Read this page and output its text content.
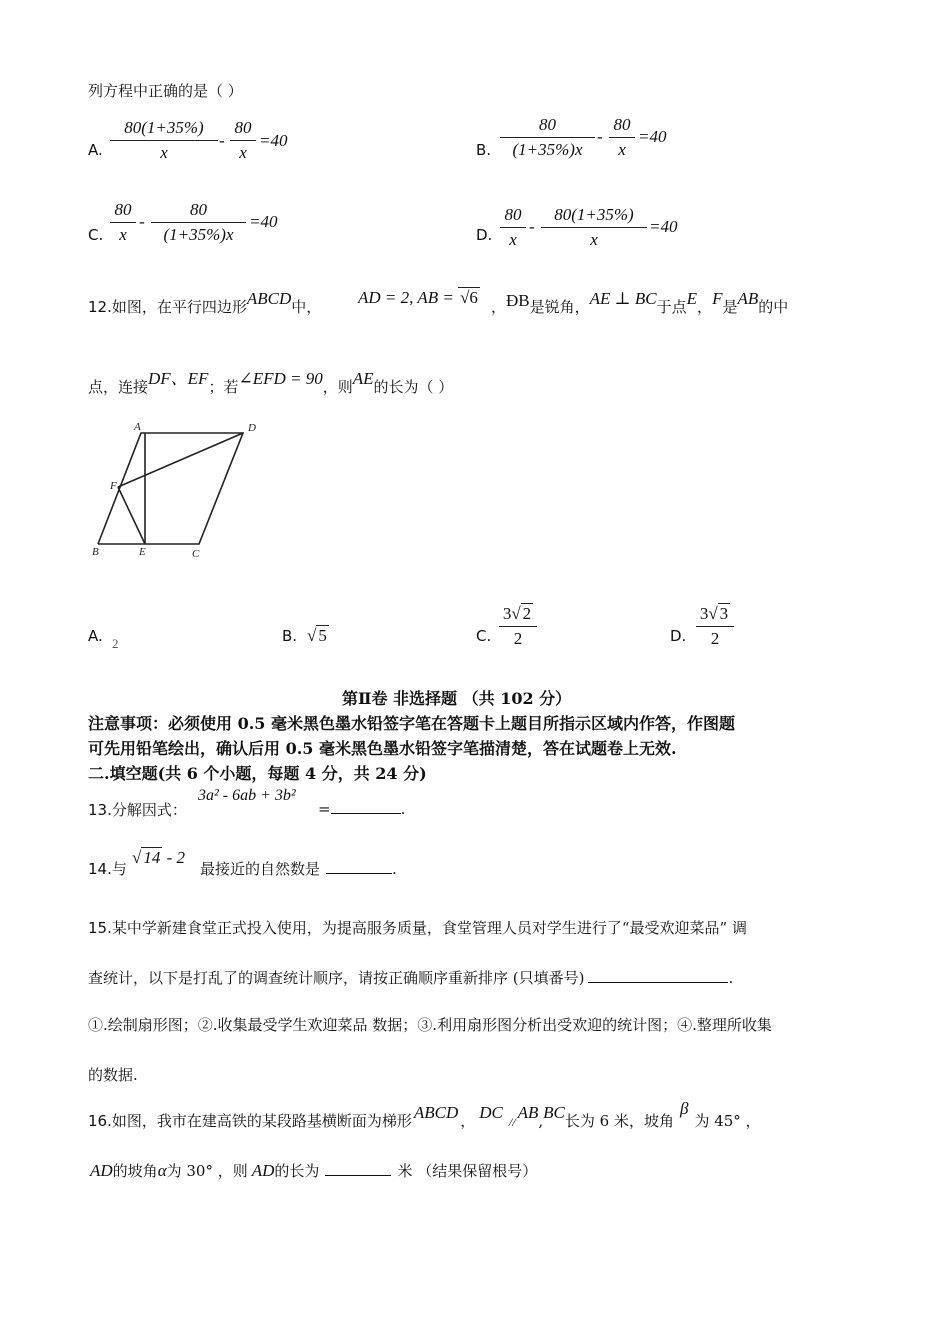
列方程中正确的是（ ）
A.
80(1+35%)
x
-
80
x
=40	B.
80
(1+35%)x
-
80
x
=40
C.
80
x
-
80
(1+35%)x
=40
D.
80
x
-
80(1+35%)
x
=40
12.如图，在平行四边形ABCD中， AD = 2, AB = √6 ，ÐB是锐角，AE ⊥ BC于点E，F是AB的中
点，连接DF、EF；若∠EFD = 90，则AE的长为（ ）
A	D
F
B	E	C
A. 2	B. √ 5	C.
3√ 2
2	D.
3√ 3
2
第Ⅱ卷 非选择题 （共 102 分）
注意事项：必须使用 0.5 毫米黑色墨水铅签字笔在答题卡上题目所指示区域内作答，作图题
可先用铅笔绘出，确认后用 0.5 毫米黑色墨水铅签字笔描清楚，答在试题卷上无效.
二.填空题(共 6 个小题，每题 4 分，共 24 分)
13.分解因式：
3a² - 6ab + 3b²
=	.
14.与
√ 14 - 2
最接近的自然数是	.
15.某中学新建食堂正式投入使用，为提高服务质量，食堂管理人员对学生进行了“最受欢迎菜品” 调
查统计，以下是打乱了的调查统计顺序，请按正确顺序重新排序 (只填番号)	.
①.绘制扇形图；②.收集最受学生欢迎菜品 数据；③.利用扇形图分析出受欢迎的统计图；④.整理所收集
的数据.
16.如图，我市在建高铁的某段路基横断面为梯形 ABCD ， DC // AB,BC长为 6 米，坡角β为 45° ，
AD的坡角α为 30° ，则 AD的长为	米 （结果保留根号）
